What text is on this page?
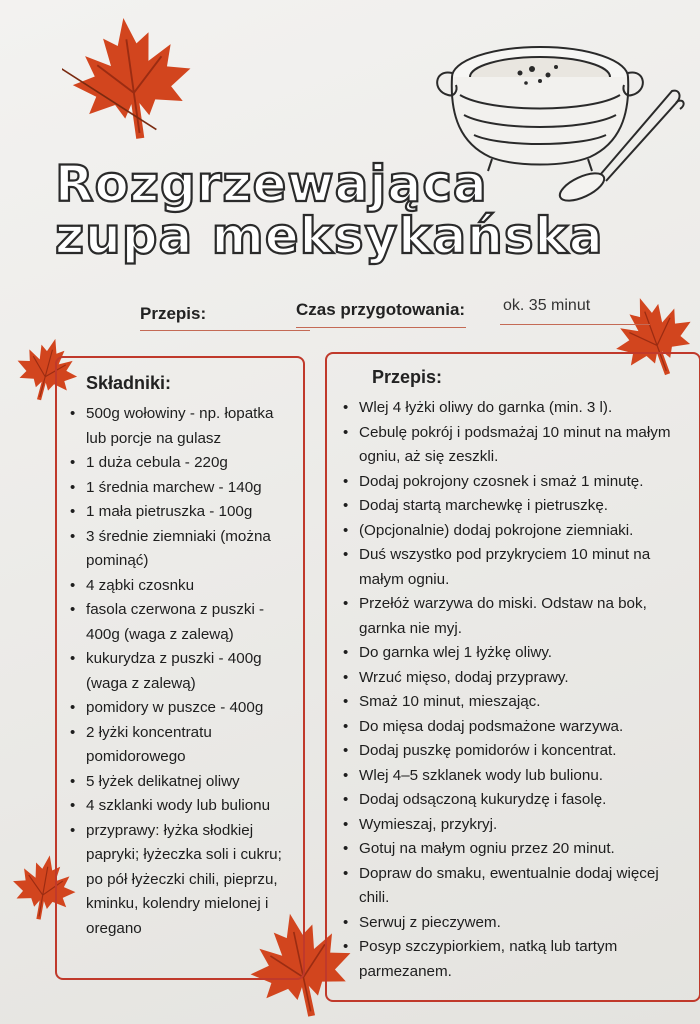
Rozgrzewająca
zupa meksykańska
Przepis:	Czas przygotowania: ok. 35 minut
Składniki:
• 500g wołowiny - np. łopatka lub porcje na gulasz
• 1 duża cebula - 220g
• 1 średnia marchew - 140g
• 1 mała pietruszka - 100g
• 3 średnie ziemniaki (można pominąć)
• 4 ząbki czosnku
• fasola czerwona z puszki - 400g (waga z zalewą)
• kukurydza z puszki - 400g (waga z zalewą)
• pomidory w puszce - 400g
• 2 łyżki koncentratu pomidorowego
• 5 łyżek delikatnej oliwy
• 4 szklanki wody lub bulionu
• przyprawy: łyżka słodkiej papryki; łyżeczka soli i cukru; po pół łyżeczki chili, pieprzu, kminku, kolendry mielonej i oregano
Przepis:
• Wlej 4 łyżki oliwy do garnka (min. 3 l).
• Cebulę pokrój i podsmażaj 10 minut na małym ogniu, aż się zeszkli.
• Dodaj pokrojony czosnek i smaż 1 minutę.
• Dodaj startą marchewkę i pietruszkę.
• (Opcjonalnie) dodaj pokrojone ziemniaki.
• Duś wszystko pod przykryciem 10 minut na małym ogniu.
• Przełóż warzywa do miski. Odstaw na bok, garnka nie myj.
• Do garnka wlej 1 łyżkę oliwy.
• Wrzuć mięso, dodaj przyprawy.
• Smaż 10 minut, mieszając.
• Do mięsa dodaj podsmażone warzywa.
• Dodaj puszkę pomidorów i koncentrat.
• Wlej 4–5 szklanek wody lub bulionu.
• Dodaj odsączoną kukurydzę i fasolę.
• Wymieszaj, przykryj.
• Gotuj na małym ogniu przez 20 minut.
• Dopraw do smaku, ewentualnie dodaj więcej chili.
• Serwuj z pieczywem.
• Posyp szczypiorkiem, natką lub tartym parmezanem.
